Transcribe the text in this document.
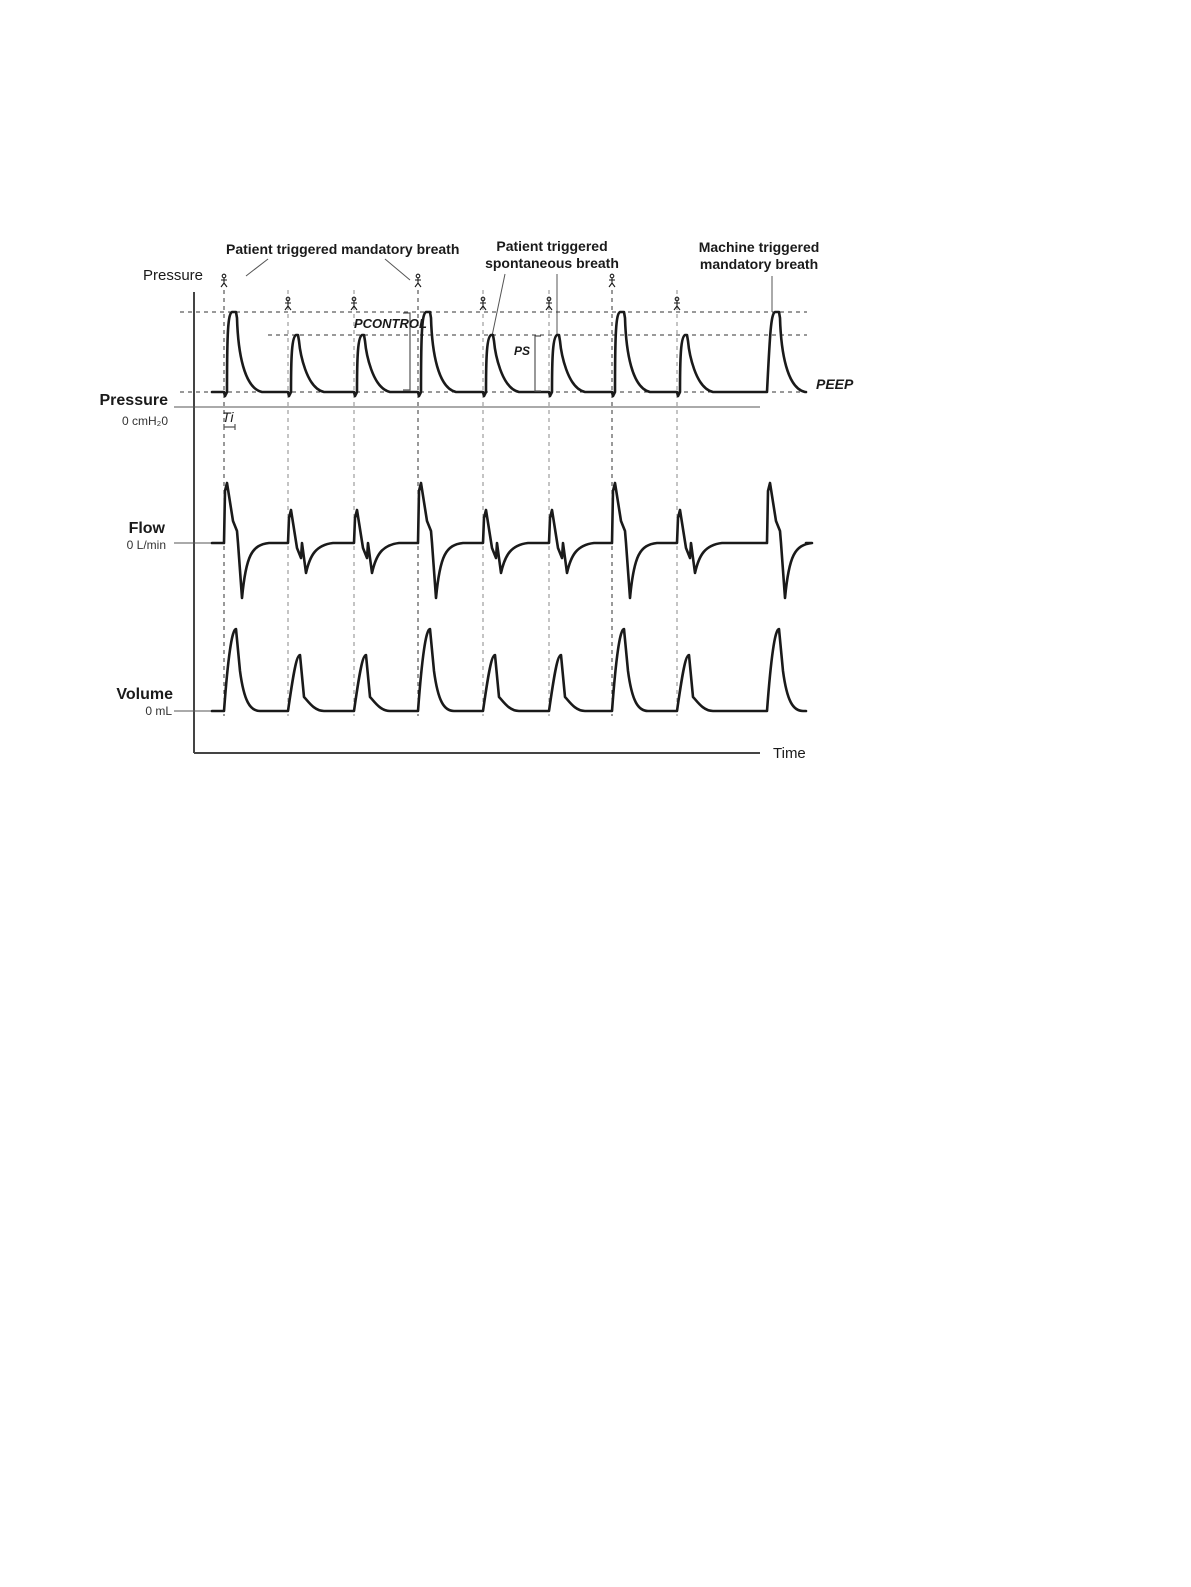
Patient triggered mandatory breath	Patient triggered
spontaneous breath
Machine triggered
mandatory breath
Pressure
Pressure
0 cmH₂0
Flow
0 L/min
Volume
0 mL
Time
PCONTROL
PS
PEEP
Ti
